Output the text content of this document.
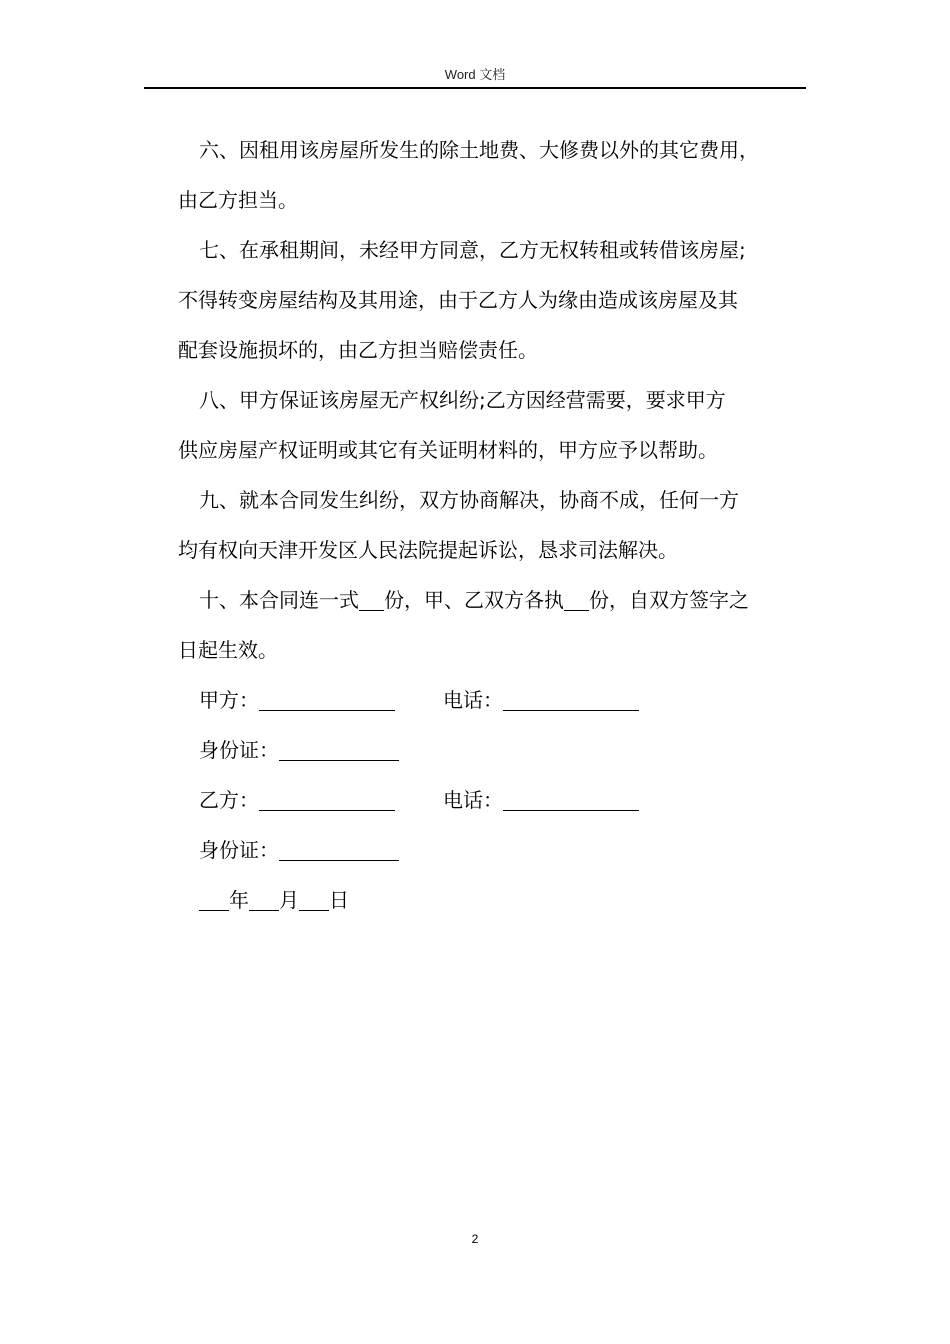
Word 文档
六、因租用该房屋所发生的除土地费、大修费以外的其它费用，
由乙方担当。
七、在承租期间，未经甲方同意，乙方无权转租或转借该房屋;
不得转变房屋结构及其用途，由于乙方人为缘由造成该房屋及其
配套设施损坏的，由乙方担当赔偿责任。
八、甲方保证该房屋无产权纠纷;乙方因经营需要，要求甲方
供应房屋产权证明或其它有关证明材料的，甲方应予以帮助。
九、就本合同发生纠纷，双方协商解决，协商不成，任何一方
均有权向天津开发区人民法院提起诉讼，恳求司法解决。
十、本合同连一式 份，甲、乙双方各执 份，自双方签字之
日起生效。
甲方：	电话：
身份证：
乙方：	电话：
身份证：
年 月 日
2
